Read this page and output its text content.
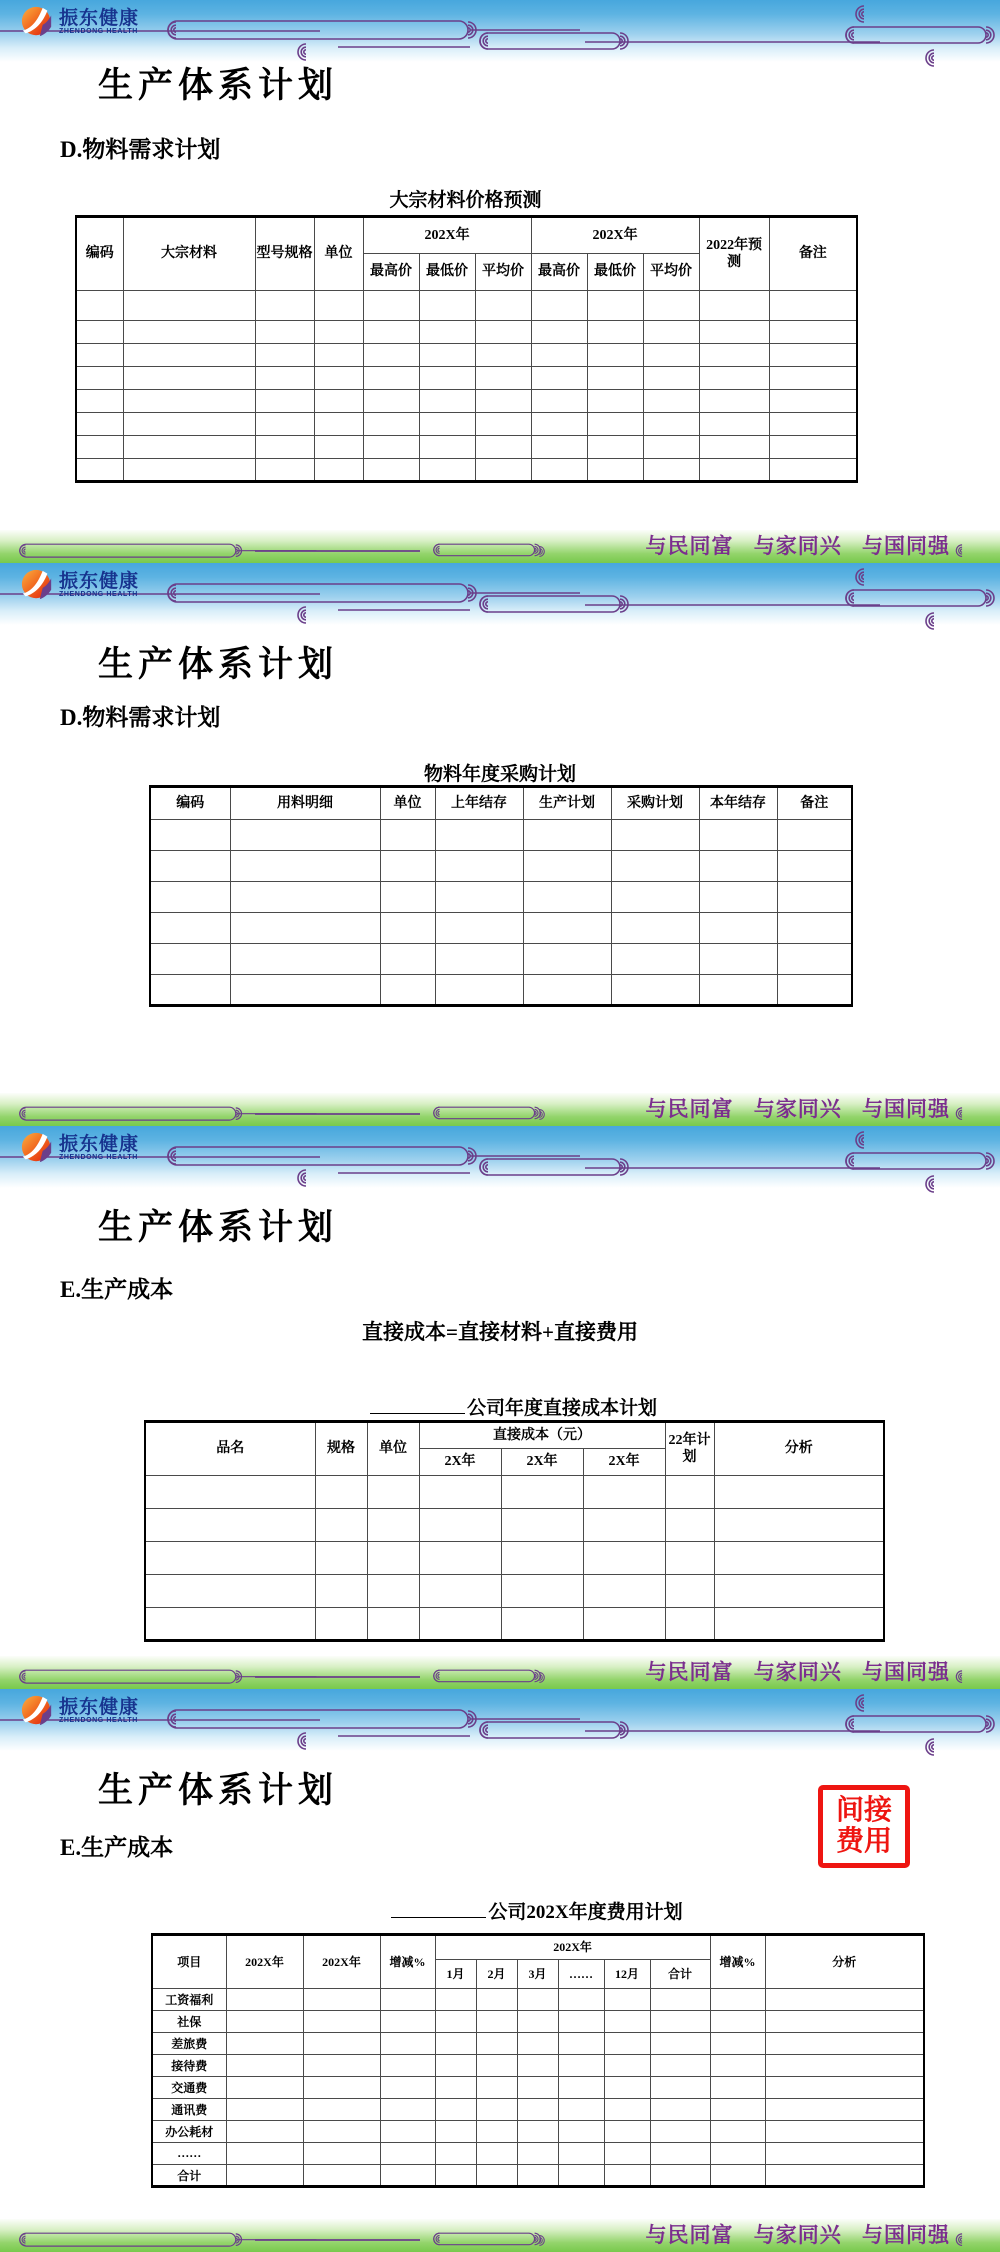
振东健康
ZHENDONG HEALTH
生产体系计划
D.物料需求计划
大宗材料价格预测
编码	大宗材料	型号规格	单位	202X年			202X年			2022年预测	备注
				最高价	最低价	平均价	最高价	最低价	平均价		

与民同富 与家同兴 与国同强
振东健康
ZHENDONG HEALTH
生产体系计划
D.物料需求计划
物料年度采购计划
编码	用料明细	单位	上年结存	生产计划	采购计划	本年结存	备注

与民同富 与家同兴 与国同强
振东健康
ZHENDONG HEALTH
生产体系计划
E.生产成本
直接成本=直接材料+直接费用
公司年度直接成本计划
品名	规格	单位	直接成本（元）			22年计划	分析
			2X年	2X年	2X年		

与民同富 与家同兴 与国同强
振东健康
ZHENDONG HEALTH
生产体系计划
E.生产成本
间接
费用
公司202X年度费用计划
项目	202X年	202X年	增减%	202X年						增减%	分析
				1月	2月	3月	……	12月	合计		
工资福利											
社保											
差旅费											
接待费											
交通费											
通讯费											
办公耗材											
……											
合计											
与民同富 与家同兴 与国同强
